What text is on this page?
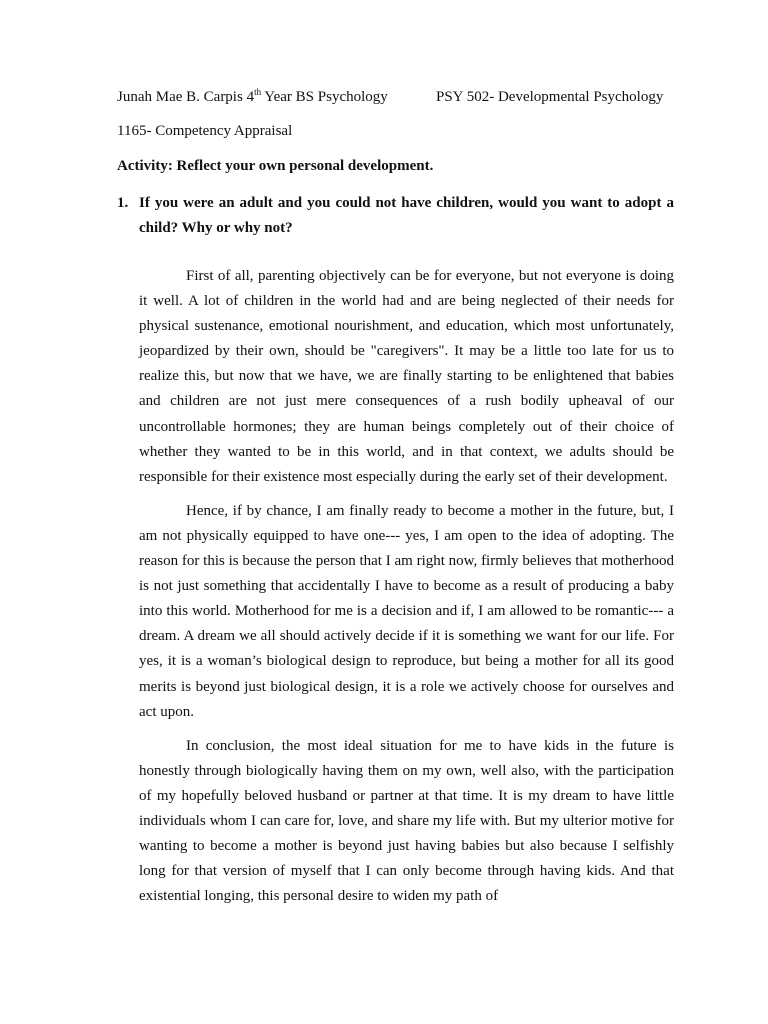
Junah Mae B. Carpis 4th Year BS Psychology	PSY 502- Developmental Psychology
1165- Competency Appraisal
Activity: Reflect your own personal development.
1. If you were an adult and you could not have children, would you want to adopt a child? Why or why not?

First of all, parenting objectively can be for everyone, but not everyone is doing it well. A lot of children in the world had and are being neglected of their needs for physical sustenance, emotional nourishment, and education, which most unfortunately, jeopardized by their own, should be "caregivers". It may be a little too late for us to realize this, but now that we have, we are finally starting to be enlightened that babies and children are not just mere consequences of a rush bodily upheaval of our uncontrollable hormones; they are human beings completely out of their choice of whether they wanted to be in this world, and in that context, we adults should be responsible for their existence most especially during the early set of their development.

Hence, if by chance, I am finally ready to become a mother in the future, but, I am not physically equipped to have one--- yes, I am open to the idea of adopting. The reason for this is because the person that I am right now, firmly believes that motherhood is not just something that accidentally I have to become as a result of producing a baby into this world. Motherhood for me is a decision and if, I am allowed to be romantic--- a dream. A dream we all should actively decide if it is something we want for our life. For yes, it is a woman’s biological design to reproduce, but being a mother for all its good merits is beyond just biological design, it is a role we actively choose for ourselves and act upon.

In conclusion, the most ideal situation for me to have kids in the future is honestly through biologically having them on my own, well also, with the participation of my hopefully beloved husband or partner at that time. It is my dream to have little individuals whom I can care for, love, and share my life with. But my ulterior motive for wanting to become a mother is beyond just having babies but also because I selfishly long for that version of myself that I can only become through having kids. And that existential longing, this personal desire to widen my path of
